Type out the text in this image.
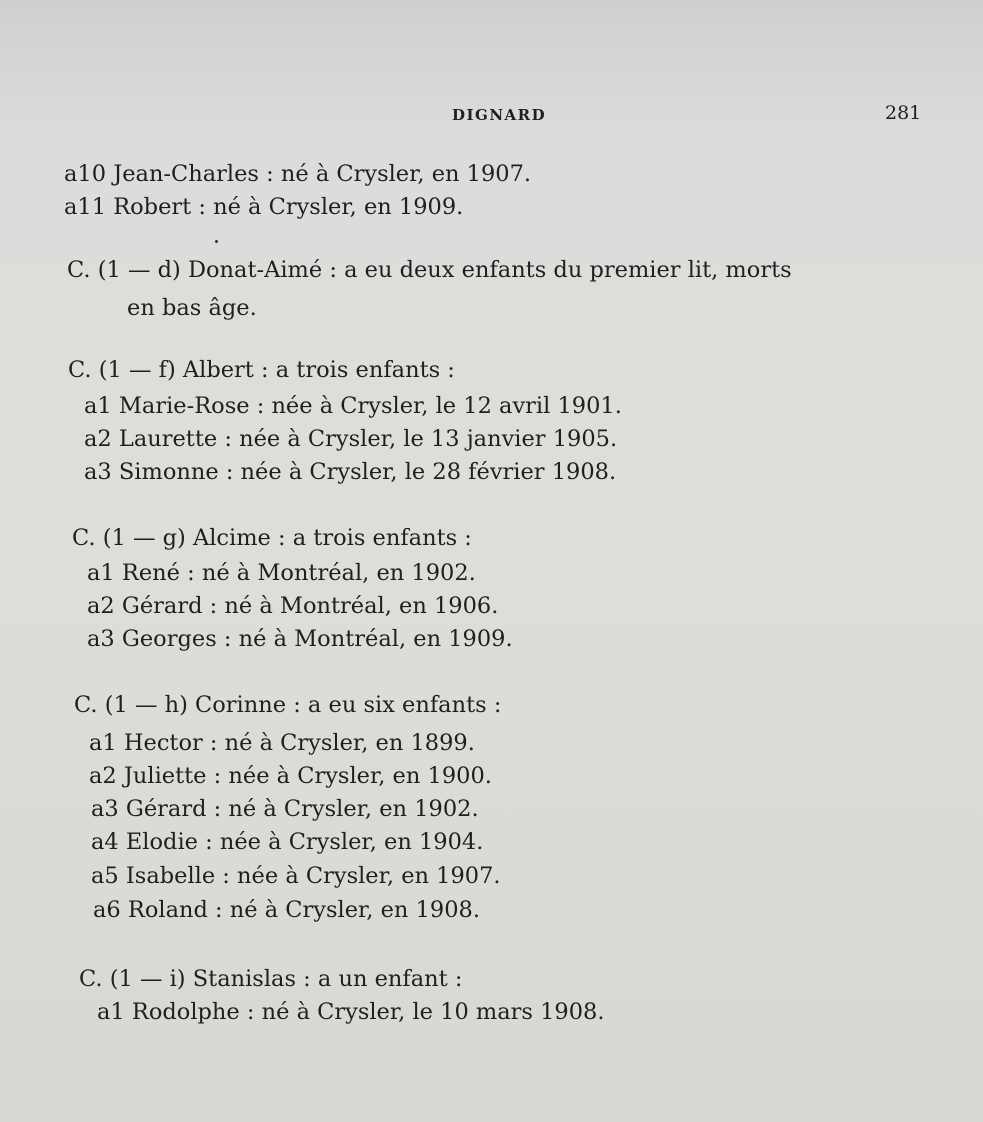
DIGNARD	281
a10 Jean-Charles : né à Crysler, en 1907.
a11 Robert : né à Crysler, en 1909.
C. (1 — d) Donat-Aimé : a eu deux enfants du premier lit, morts
en bas âge.
C. (1 — f) Albert : a trois enfants :
a1 Marie-Rose : née à Crysler, le 12 avril 1901.
a2 Laurette : née à Crysler, le 13 janvier 1905.
a3 Simonne : née à Crysler, le 28 février 1908.
C. (1 — g) Alcime : a trois enfants :
a1 René : né à Montréal, en 1902.
a2 Gérard : né à Montréal, en 1906.
a3 Georges : né à Montréal, en 1909.
C. (1 — h) Corinne : a eu six enfants :
a1 Hector : né à Crysler, en 1899.
a2 Juliette : née à Crysler, en 1900.
a3 Gérard : né à Crysler, en 1902.
a4 Elodie : née à Crysler, en 1904.
a5 Isabelle : née à Crysler, en 1907.
a6 Roland : né à Crysler, en 1908.
C. (1 — i) Stanislas : a un enfant :
a1 Rodolphe : né à Crysler, le 10 mars 1908.
